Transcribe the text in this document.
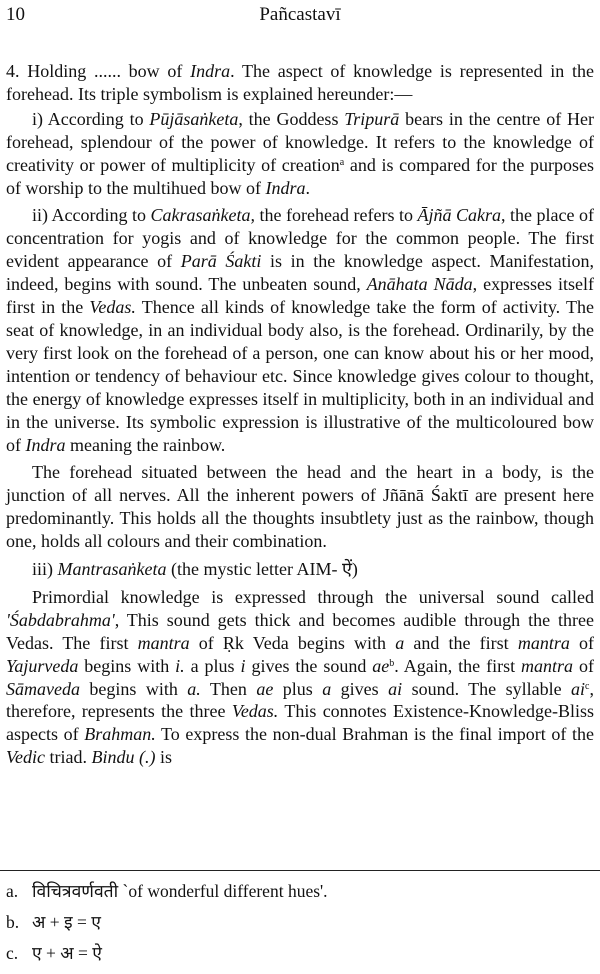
10	Pañcastavī

4. Holding ...... bow of Indra. The aspect of knowledge is represented in the forehead. Its triple symbolism is explained hereunder:—

i) According to Pūjāsaṅketa, the Goddess Tripurā bears in the centre of Her forehead, splendour of the power of knowledge. It refers to the knowledge of creativity or power of multiplicity of creation$^a$ and is compared for the purposes of worship to the multihued bow of Indra.

ii) According to Cakrasaṅketa, the forehead refers to Ājñā Cakra, the place of concentration for yogis and of knowledge for the common people. The first evident appearance of Parā Śakti is in the knowledge aspect. Manifestation, indeed, begins with sound. The unbeaten sound, Anāhata Nāda, expresses itself first in the Vedas. Thence all kinds of knowledge take the form of activity. The seat of knowledge, in an individual body also, is the forehead. Ordinarily, by the very first look on the forehead of a person, one can know about his or her mood, intention or tendency of behaviour etc. Since knowledge gives colour to thought, the energy of knowledge expresses itself in multiplicity, both in an individual and in the universe. Its symbolic expression is illustrative of the multicoloured bow of Indra meaning the rainbow.

The forehead situated between the head and the heart in a body, is the junction of all nerves. All the inherent powers of Jñānā Śaktī are present here predominantly. This holds all the thoughts insubtlety just as the rainbow, though one, holds all colours and their combination.

iii) Mantrasaṅketa (the mystic letter AIM- ऐं)

Primordial knowledge is expressed through the universal sound called 'Śabdabrahma', This sound gets thick and becomes audible through the three Vedas. The first mantra of Ṛk Veda begins with a and the first mantra of Yajurveda begins with i. a plus i gives the sound $ae^b$. Again, the first mantra of Sāmaveda begins with a. Then ae plus a gives ai sound. The syllable $ai^c$, therefore, represents the three Vedas. This connotes Existence-Knowledge-Bliss aspects of Brahman. To express the non-dual Brahman is the final import of the Vedic triad. Bindu (.) is

a. विचित्रवर्णवती `of wonderful different hues'.
b. अ + इ = ए
c. ए + अ = ऐ
